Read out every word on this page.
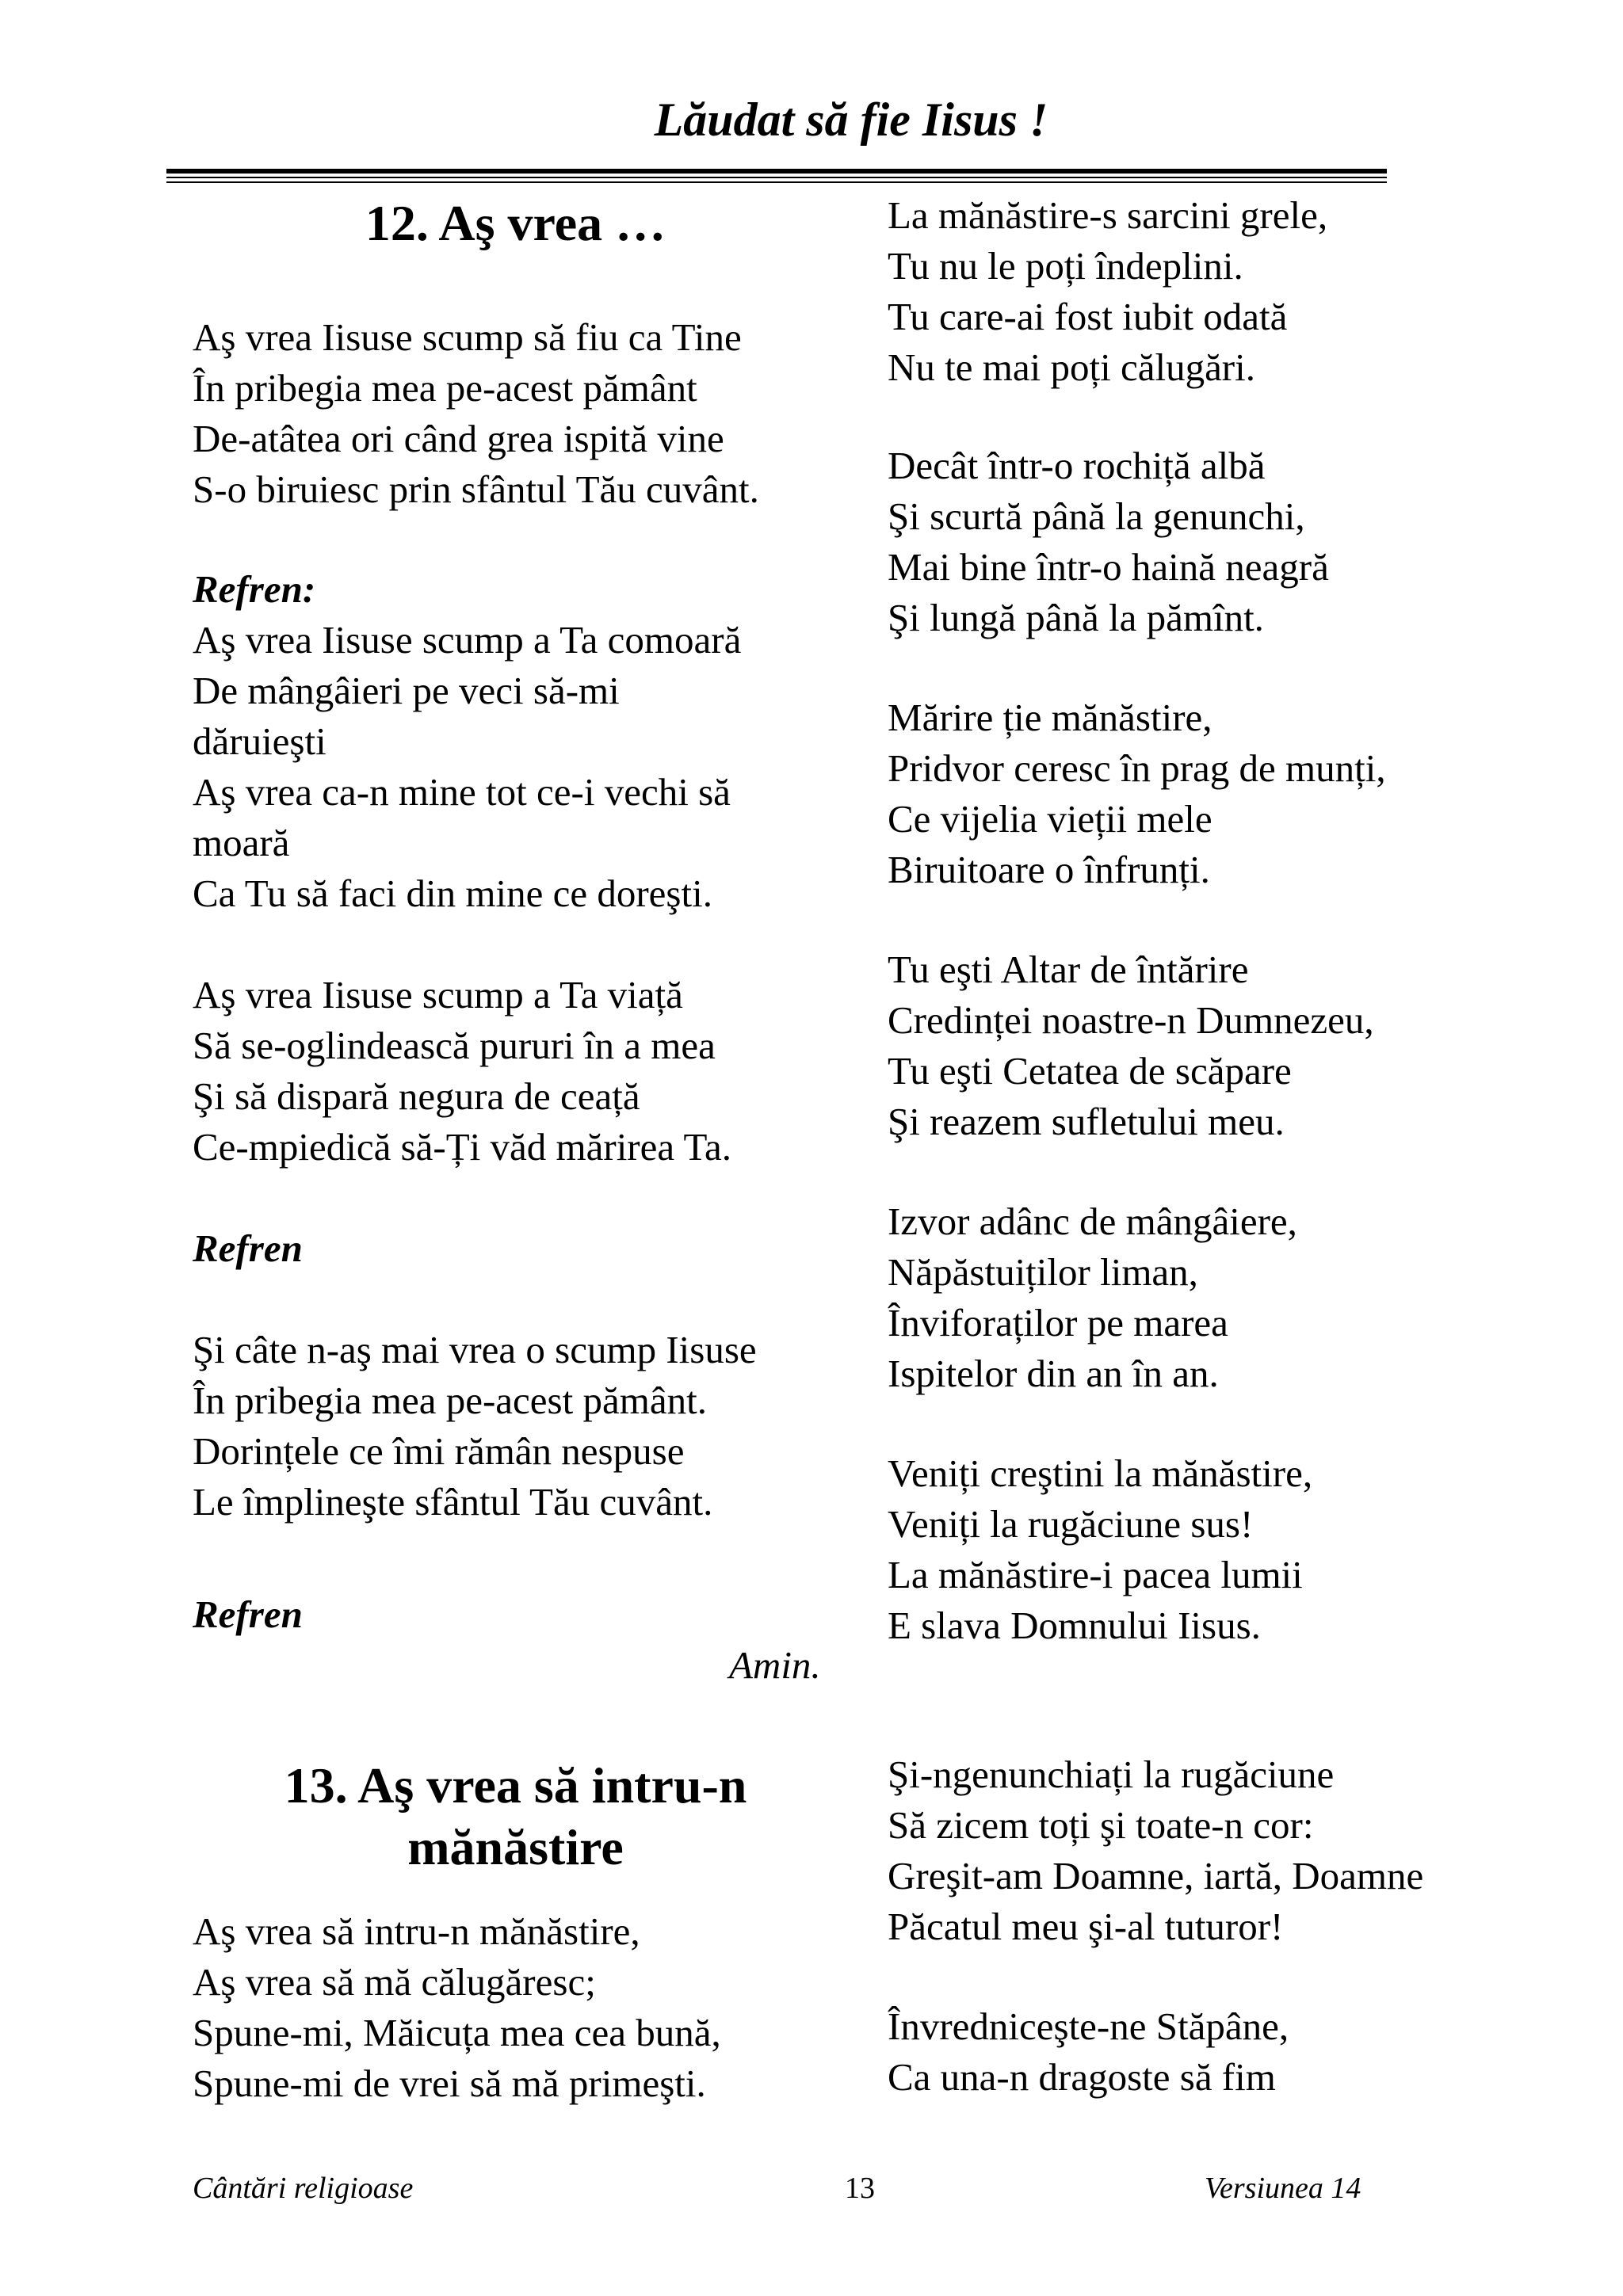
Lăudat să fie Iisus !
12. Aş vrea …

Aş vrea Iisuse scump să fiu ca Tine

În pribegia mea pe-acest pământ

De-atâtea ori când grea ispită vine

S-o biruiesc prin sfântul Tău cuvânt.

Refren:

Aş vrea Iisuse scump a Ta comoară

De mângâieri pe veci să-mi

dăruieşti

Aş vrea ca-n mine tot ce-i vechi să

moară

Ca Tu să faci din mine ce doreşti.

Aş vrea Iisuse scump a Ta viață

Să se-oglindească pururi în a mea

Şi să dispară negura de ceață

Ce-mpiedică să-Ți văd mărirea Ta.

Refren

Şi câte n-aş mai vrea o scump Iisuse

În pribegia mea pe-acest pământ.

Dorințele ce îmi rămân nespuse

Le împlineşte sfântul Tău cuvânt.

Refren

Amin.

13. Aş vrea să intru-n
mănăstire

Aş vrea să intru-n mănăstire,

Aş vrea să mă călugăresc;

Spune-mi, Măicuța mea cea bună,

Spune-mi de vrei să mă primeşti.

La mănăstire-s sarcini grele,

Tu nu le poți îndeplini.

Tu care-ai fost iubit odată

Nu te mai poți călugări.

Decât într-o rochiță albă

Şi scurtă până la genunchi,

Mai bine într-o haină neagră

Şi lungă până la pămînt.

Mărire ție mănăstire,

Pridvor ceresc în prag de munți,

Ce vijelia vieții mele

Biruitoare o înfrunți.

Tu eşti Altar de întărire

Credinței noastre-n Dumnezeu,

Tu eşti Cetatea de scăpare

Şi reazem sufletului meu.

Izvor adânc de mângâiere,

Năpăstuiților liman,

Înviforaților pe marea

Ispitelor din an în an.

Veniți creştini la mănăstire,

Veniți la rugăciune sus!

La mănăstire-i pacea lumii

E slava Domnului Iisus.

Şi-ngenunchiați la rugăciune

Să zicem toți şi toate-n cor:

Greşit-am Doamne, iartă, Doamne

Păcatul meu şi-al tuturor!

Învredniceşte-ne Stăpâne,

Ca una-n dragoste să fim

Cântări religioase	13	Versiunea 14
